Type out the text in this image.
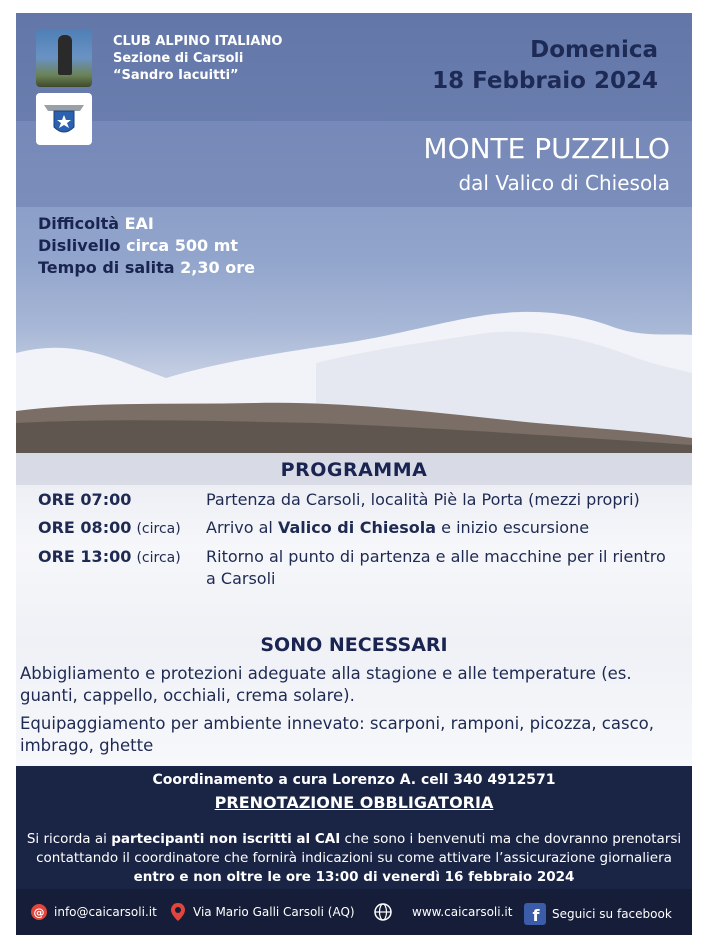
CLUB ALPINO ITALIANO
Sezione di Carsoli
“Sandro Iacuitti”
Domenica
18 Febbraio 2024
MONTE PUZZILLO
dal Valico di Chiesola
Difficoltà EAI
Dislivello circa 500 mt
Tempo di salita 2,30 ore
PROGRAMMA
ORE 07:00	Partenza da Carsoli, località Piè la Porta (mezzi propri)
ORE 08:00 (circa)	Arrivo al Valico di Chiesola e inizio escursione
ORE 13:00 (circa)	Ritorno al punto di partenza e alle macchine per il rientro a Carsoli
SONO NECESSARI

Abbigliamento e protezioni adeguate alla stagione e alle temperature (es. guanti, cappello, occhiali, crema solare).

Equipaggiamento per ambiente innevato: scarponi, ramponi, picozza, casco, imbrago, ghette

Coordinamento a cura Lorenzo A. cell 340 4912571
PRENOTAZIONE OBBLIGATORIA
Si ricorda ai partecipanti non iscritti al CAI che sono i benvenuti ma che dovranno prenotarsi contattando il coordinatore che fornirà indicazioni su come attivare l’assicurazione giornaliera entro e non oltre le ore 13:00 di venerdì 16 febbraio 2024
@ info@caicarsoli.it	Via Mario Galli Carsoli (AQ)	www.caicarsoli.it f Seguici su facebook
